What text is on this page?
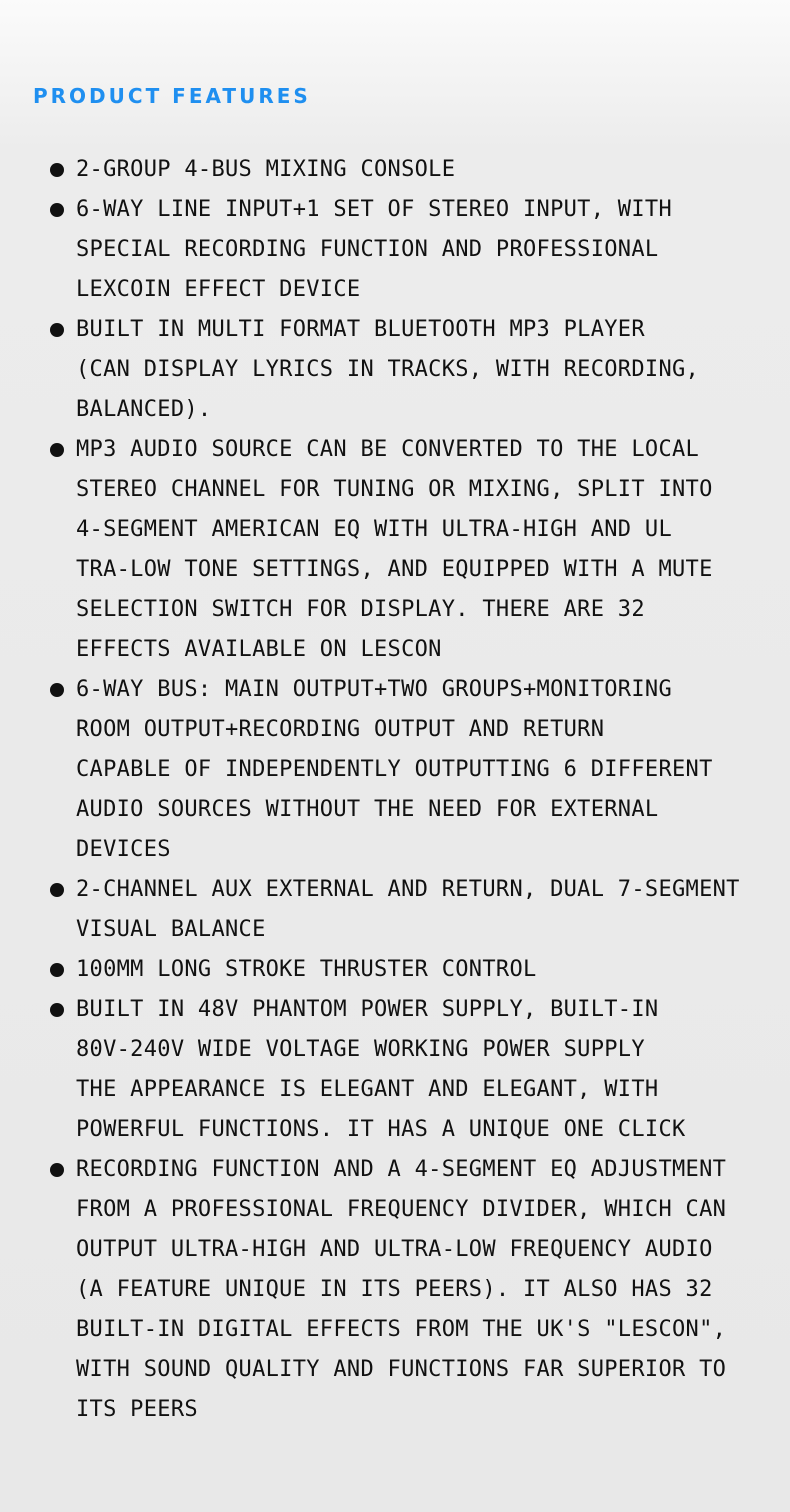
PRODUCT FEATURES
2-GROUP 4-BUS MIXING CONSOLE
6-WAY LINE INPUT+1 SET OF STEREO INPUT, WITH
SPECIAL RECORDING FUNCTION AND PROFESSIONAL
LEXCOIN EFFECT DEVICE
BUILT IN MULTI FORMAT BLUETOOTH MP3 PLAYER
(CAN DISPLAY LYRICS IN TRACKS, WITH RECORDING,
BALANCED).
MP3 AUDIO SOURCE CAN BE CONVERTED TO THE LOCAL
STEREO CHANNEL FOR TUNING OR MIXING, SPLIT INTO
4-SEGMENT AMERICAN EQ WITH ULTRA-HIGH AND UL
TRA-LOW TONE SETTINGS, AND EQUIPPED WITH A MUTE
SELECTION SWITCH FOR DISPLAY. THERE ARE 32
EFFECTS AVAILABLE ON LESCON
6-WAY BUS: MAIN OUTPUT+TWO GROUPS+MONITORING
ROOM OUTPUT+RECORDING OUTPUT AND RETURN
CAPABLE OF INDEPENDENTLY OUTPUTTING 6 DIFFERENT
AUDIO SOURCES WITHOUT THE NEED FOR EXTERNAL
DEVICES
2-CHANNEL AUX EXTERNAL AND RETURN, DUAL 7-SEGMENT
VISUAL BALANCE
100MM LONG STROKE THRUSTER CONTROL
BUILT IN 48V PHANTOM POWER SUPPLY, BUILT-IN
80V-240V WIDE VOLTAGE WORKING POWER SUPPLY
THE APPEARANCE IS ELEGANT AND ELEGANT, WITH
POWERFUL FUNCTIONS. IT HAS A UNIQUE ONE CLICK
RECORDING FUNCTION AND A 4-SEGMENT EQ ADJUSTMENT
FROM A PROFESSIONAL FREQUENCY DIVIDER, WHICH CAN
OUTPUT ULTRA-HIGH AND ULTRA-LOW FREQUENCY AUDIO
(A FEATURE UNIQUE IN ITS PEERS). IT ALSO HAS 32
BUILT-IN DIGITAL EFFECTS FROM THE UK'S "LESCON",
WITH SOUND QUALITY AND FUNCTIONS FAR SUPERIOR TO
ITS PEERS
